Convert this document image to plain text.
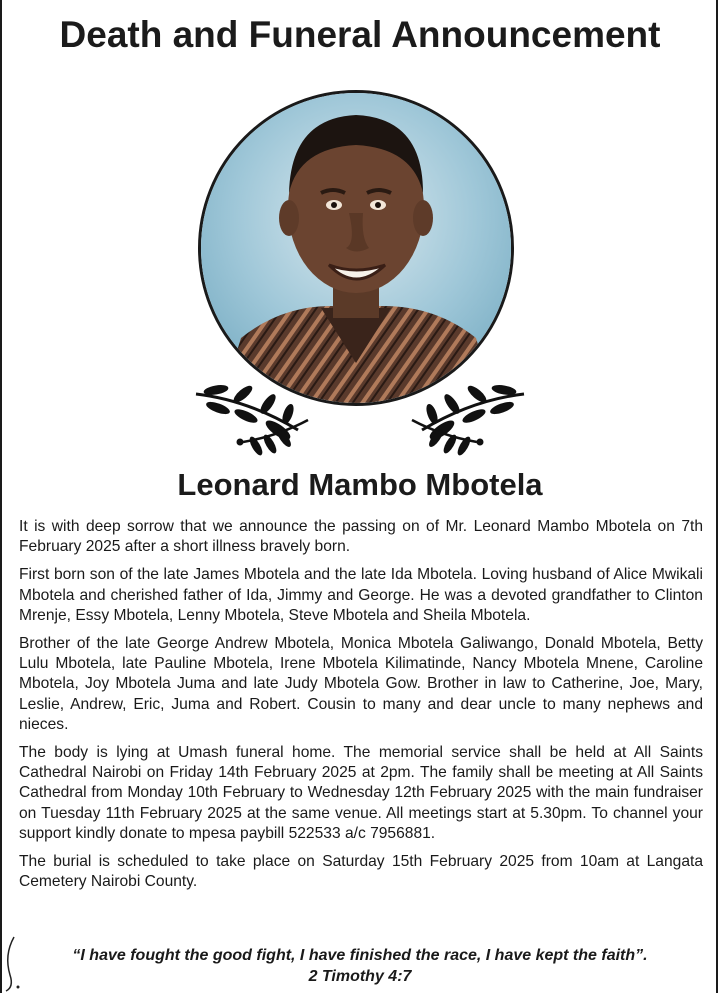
Death and Funeral Announcement
Leonard Mambo Mbotela

It is with deep sorrow that we announce the passing on of Mr. Leonard Mambo Mbotela on 7th February 2025 after a short illness bravely born.

First born son of the late James Mbotela and the late Ida Mbotela. Loving husband of Alice Mwikali Mbotela and cherished father of Ida, Jimmy and George. He was a devoted grandfather to Clinton Mrenje, Essy Mbotela, Lenny Mbotela, Steve Mbotela and Sheila Mbotela.

Brother of the late George Andrew Mbotela, Monica Mbotela Galiwango, Donald Mbotela, Betty Lulu Mbotela, late Pauline Mbotela, Irene Mbotela Kilimatinde, Nancy Mbotela Mnene, Caroline Mbotela, Joy Mbotela Juma and late Judy Mbotela Gow. Brother in law to Catherine, Joe, Mary, Leslie, Andrew, Eric, Juma and Robert. Cousin to many and dear uncle to many nephews and nieces.

The body is lying at Umash funeral home. The memorial service shall be held at All Saints Cathedral Nairobi on Friday 14th February 2025 at 2pm. The family shall be meeting at All Saints Cathedral from Monday 10th February to Wednesday 12th February 2025 with the main fundraiser on Tuesday 11th February 2025 at the same venue. All meetings start at 5.30pm. To channel your support kindly donate to mpesa paybill 522533 a/c 7956881.

The burial is scheduled to take place on Saturday 15th February 2025 from 10am at Langata Cemetery Nairobi County.

“I have fought the good fight, I have finished the race, I have kept the faith”.
2 Timothy 4:7
